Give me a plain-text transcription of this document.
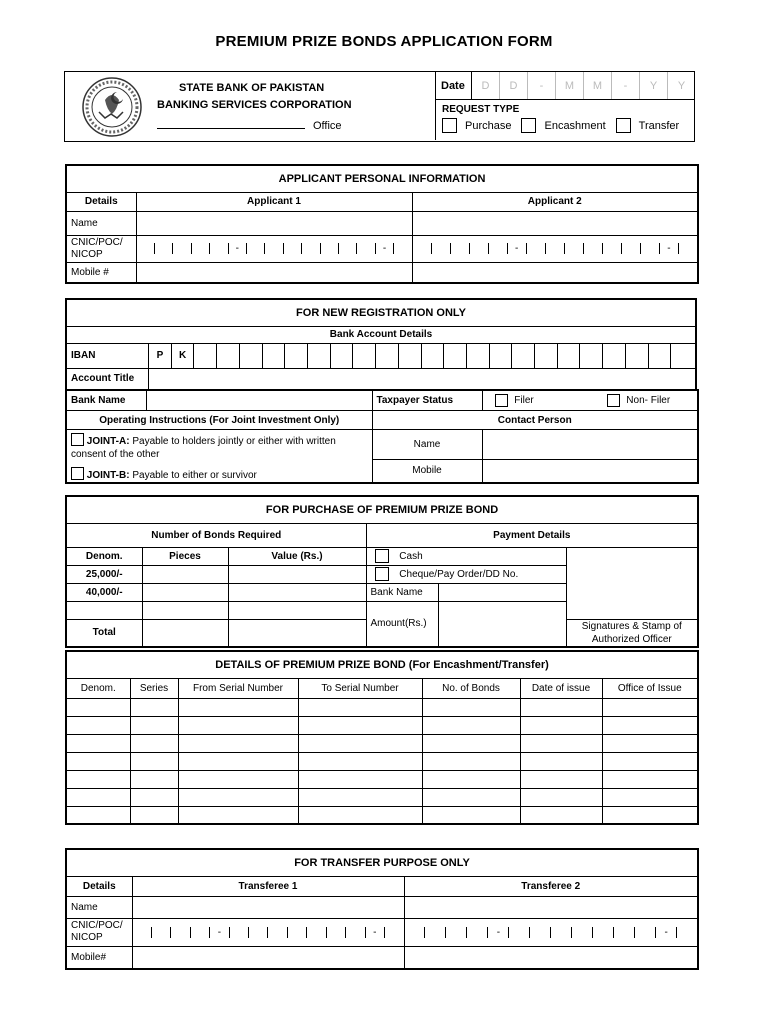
PREMIUM PRIZE BONDS APPLICATION FORM
STATE BANK OF PAKISTAN
BANKING SERVICES CORPORATION
Office
Date	D	D	-	M	M	-	Y	Y
REQUEST TYPE
Purchase	Encashment	Transfer
APPLICANT PERSONAL INFORMATION		
Details	Applicant 1	Applicant 2
Name		
CNIC/POC/ NICOP	- -	- -

Mobile #	

FOR NEW REGISTRATION ONLY																								
Bank Account Details																								
IBAN	P	K																						
Account Title																								
Bank Name		Taxpayer Status	Filer Non- Filer
Operating Instructions (For Joint Investment Only)		Contact Person	

JOINT-A: Payable to holders jointly or either with written consent of the other
JOINT-B: Payable to either or survivor		Name	
		Mobile	
FOR PURCHASE OF PREMIUM PRIZE BOND					
Number of Bonds Required			Payment Details		
Denom.	Pieces	Value (Rs.)	Cash		
25,000/-			Cheque/Pay Order/DD No.		
40,000/-			Bank Name		
			Amount(Rs.)		
Total					Signatures & Stamp of Authorized Officer
DETAILS OF PREMIUM PRIZE BOND (For Encashment/Transfer)						
Denom.	Series	From Serial Number	To Serial Number	No. of Bonds	Date of issue	Office of Issue

FOR TRANSFER PURPOSE ONLY		
Details	Transferee 1	Transferee 2
Name		
CNIC/POC/ NICOP	- -	- -

Mobile#	
